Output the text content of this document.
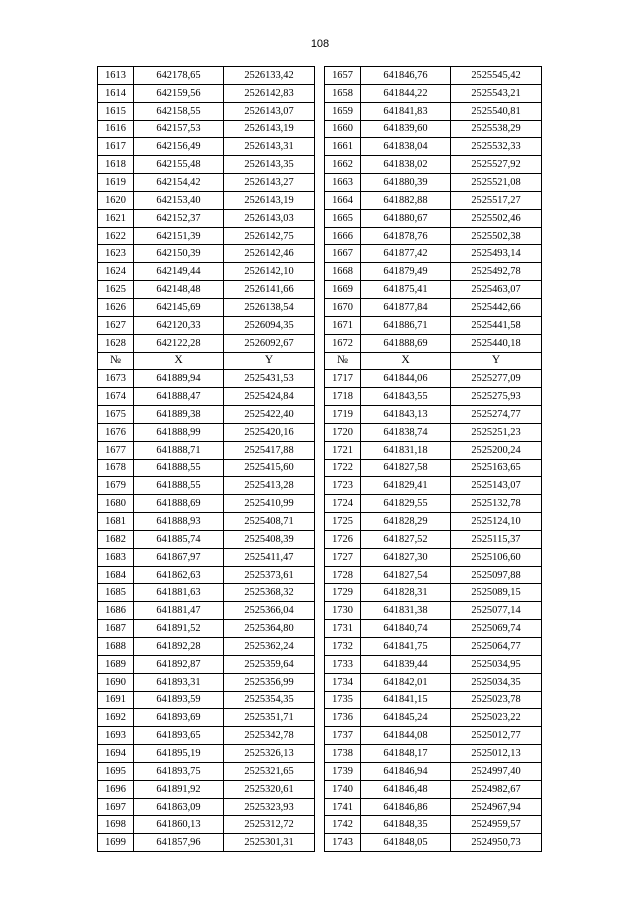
108
1613	642178,65	2526133,42		1657	641846,76	2525545,42
1614	642159,56	2526142,83		1658	641844,22	2525543,21
1615	642158,55	2526143,07		1659	641841,83	2525540,81
1616	642157,53	2526143,19		1660	641839,60	2525538,29
1617	642156,49	2526143,31		1661	641838,04	2525532,33
1618	642155,48	2526143,35		1662	641838,02	2525527,92
1619	642154,42	2526143,27		1663	641880,39	2525521,08
1620	642153,40	2526143,19		1664	641882,88	2525517,27
1621	642152,37	2526143,03		1665	641880,67	2525502,46
1622	642151,39	2526142,75		1666	641878,76	2525502,38
1623	642150,39	2526142,46		1667	641877,42	2525493,14
1624	642149,44	2526142,10		1668	641879,49	2525492,78
1625	642148,48	2526141,66		1669	641875,41	2525463,07
1626	642145,69	2526138,54		1670	641877,84	2525442,66
1627	642120,33	2526094,35		1671	641886,71	2525441,58
1628	642122,28	2526092,67		1672	641888,69	2525440,18
№	X	Y		№	X	Y
1673	641889,94	2525431,53		1717	641844,06	2525277,09
1674	641888,47	2525424,84		1718	641843,55	2525275,93
1675	641889,38	2525422,40		1719	641843,13	2525274,77
1676	641888,99	2525420,16		1720	641838,74	2525251,23
1677	641888,71	2525417,88		1721	641831,18	2525200,24
1678	641888,55	2525415,60		1722	641827,58	2525163,65
1679	641888,55	2525413,28		1723	641829,41	2525143,07
1680	641888,69	2525410,99		1724	641829,55	2525132,78
1681	641888,93	2525408,71		1725	641828,29	2525124,10
1682	641885,74	2525408,39		1726	641827,52	2525115,37
1683	641867,97	2525411,47		1727	641827,30	2525106,60
1684	641862,63	2525373,61		1728	641827,54	2525097,88
1685	641881,63	2525368,32		1729	641828,31	2525089,15
1686	641881,47	2525366,04		1730	641831,38	2525077,14
1687	641891,52	2525364,80		1731	641840,74	2525069,74
1688	641892,28	2525362,24		1732	641841,75	2525064,77
1689	641892,87	2525359,64		1733	641839,44	2525034,95
1690	641893,31	2525356,99		1734	641842,01	2525034,35
1691	641893,59	2525354,35		1735	641841,15	2525023,78
1692	641893,69	2525351,71		1736	641845,24	2525023,22
1693	641893,65	2525342,78		1737	641844,08	2525012,77
1694	641895,19	2525326,13		1738	641848,17	2525012,13
1695	641893,75	2525321,65		1739	641846,94	2524997,40
1696	641891,92	2525320,61		1740	641846,48	2524982,67
1697	641863,09	2525323,93		1741	641846,86	2524967,94
1698	641860,13	2525312,72		1742	641848,35	2524959,57
1699	641857,96	2525301,31		1743	641848,05	2524950,73
